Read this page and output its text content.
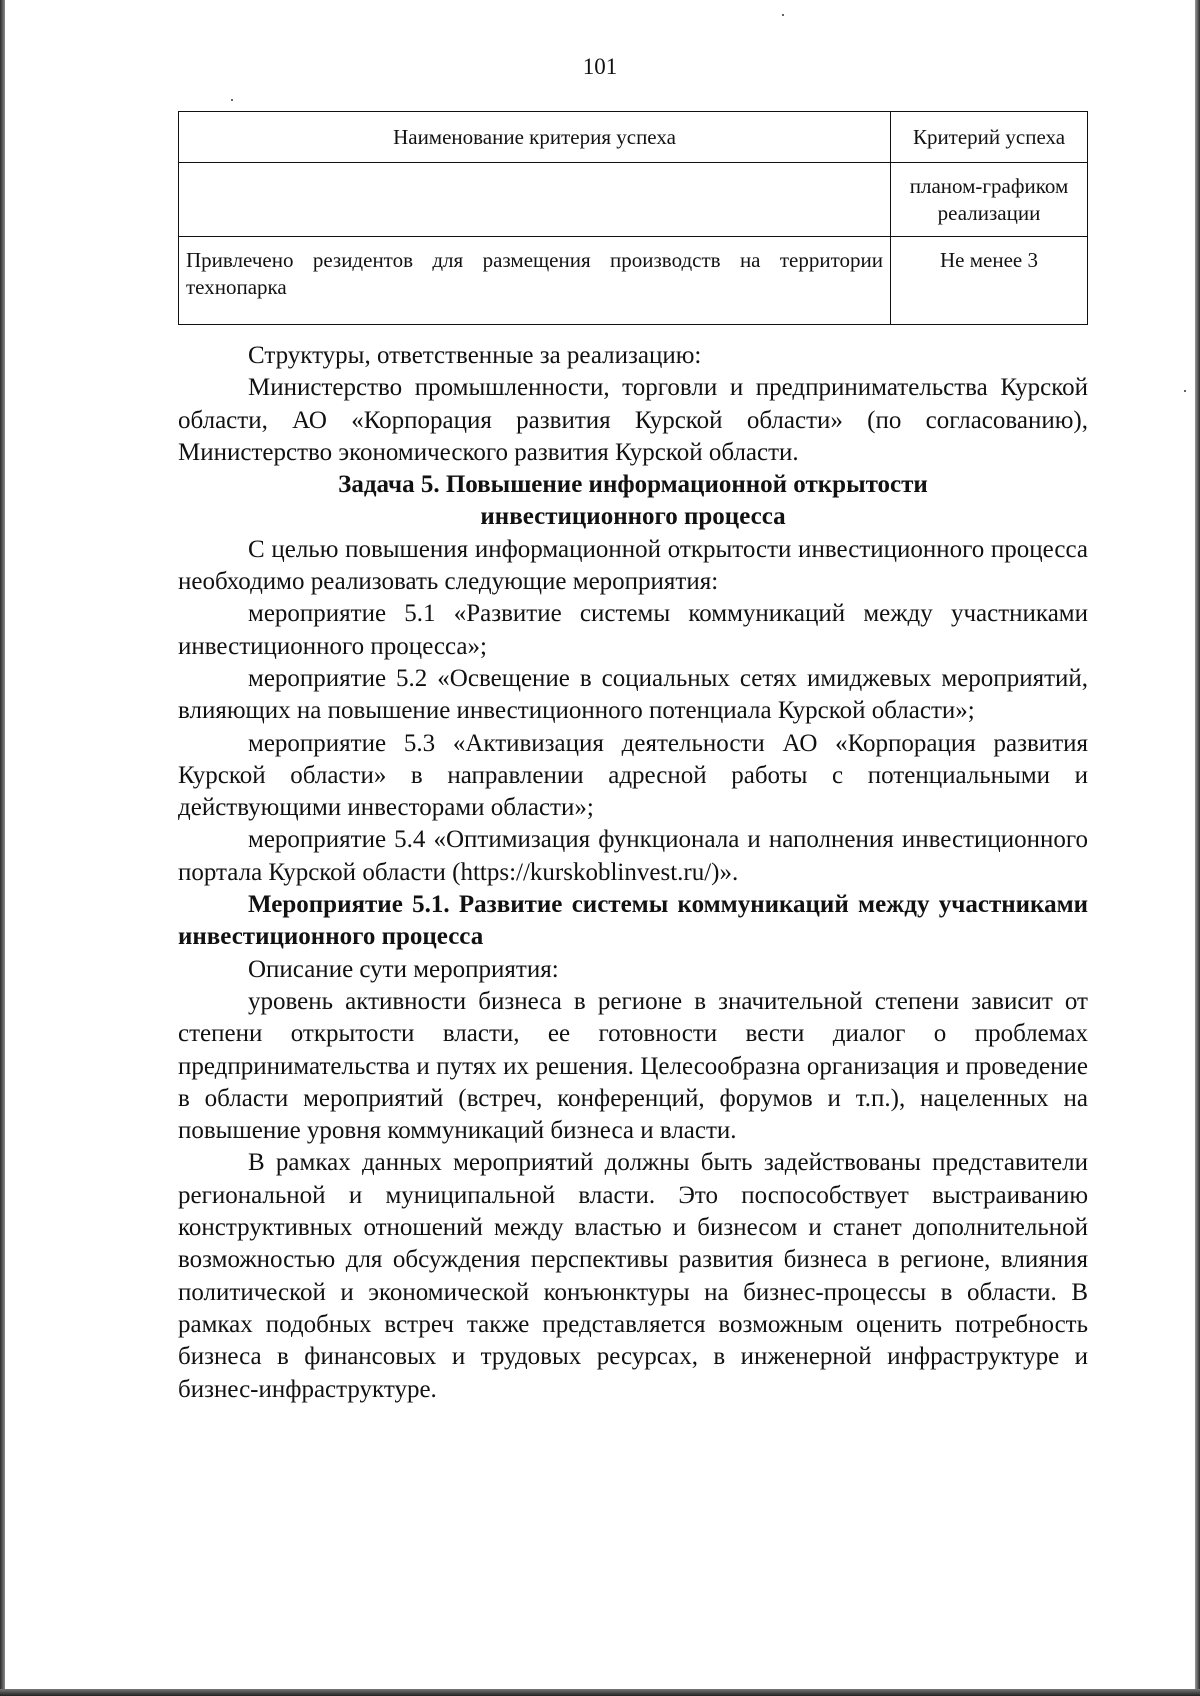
101
Наименование критерия успеха	Критерий успеха
	планом-графиком реализации
Привлечено резидентов для размещения производств на территории технопарка	Не менее 3

Структуры, ответственные за реализацию:

Министерство промышленности, торговли и предпринимательства Курской области, АО «Корпорация развития Курской области» (по согласованию), Министерство экономического развития Курской области.

Задача 5. Повышение информационной открытости

инвестиционного процесса

С целью повышения информационной открытости инвестиционного процесса необходимо реализовать следующие мероприятия:

мероприятие 5.1 «Развитие системы коммуникаций между участниками инвестиционного процесса»;

мероприятие 5.2 «Освещение в социальных сетях имиджевых мероприятий, влияющих на повышение инвестиционного потенциала Курской области»;

мероприятие 5.3 «Активизация деятельности АО «Корпорация развития Курской области» в направлении адресной работы с потенциальными и действующими инвесторами области»;

мероприятие 5.4 «Оптимизация функционала и наполнения инвестиционного портала Курской области (https://kurskoblinvest.ru/)».

Мероприятие 5.1. Развитие системы коммуникаций между участниками инвестиционного процесса

Описание сути мероприятия:

уровень активности бизнеса в регионе в значительной степени зависит от степени открытости власти, ее готовности вести диалог о проблемах предпринимательства и путях их решения. Целесообразна организация и проведение в области мероприятий (встреч, конференций, форумов и т.п.), нацеленных на повышение уровня коммуникаций бизнеса и власти.

В рамках данных мероприятий должны быть задействованы представители региональной и муниципальной власти. Это поспособствует выстраиванию конструктивных отношений между властью и бизнесом и станет дополнительной возможностью для обсуждения перспективы развития бизнеса в регионе, влияния политической и экономической конъюнктуры на бизнес-процессы в области. В рамках подобных встреч также представляется возможным оценить потребность бизнеса в финансовых и трудовых ресурсах, в инженерной инфраструктуре и бизнес-инфраструктуре.
